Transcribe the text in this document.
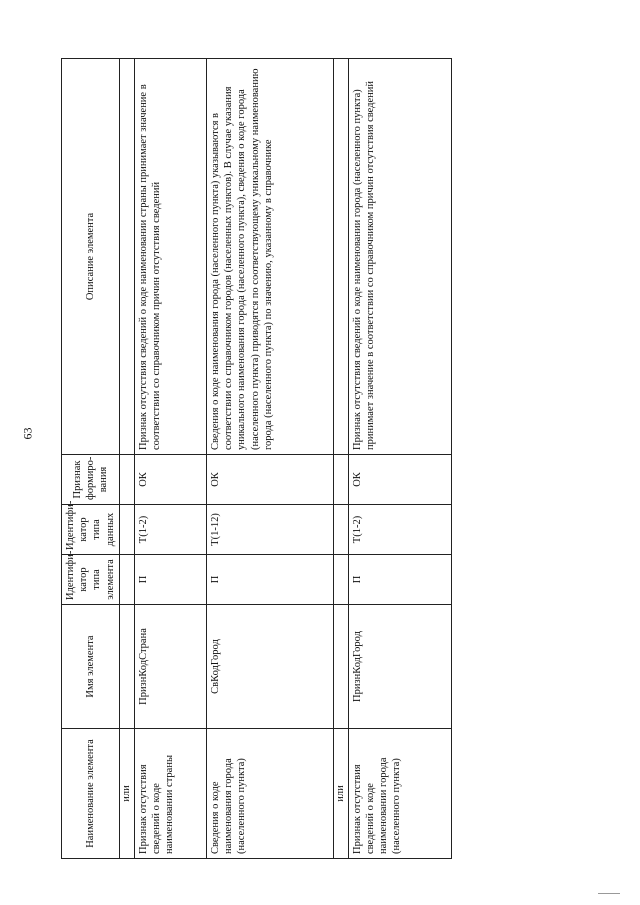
63
Наименование элемента	Имя элемента	Идентифи-катор типа элемента	Идентифи-катор типа данных	Признак формиро-вания	Описание элемента
или					
Признак отсутствия сведений о коде наименовании страны	ПризнКодСтрана	П	T(1-2)	ОК	Признак отсутствия сведений о коде наименовании страны принимает значение в соответствии со справочником причин отсутствия сведений
Сведения о коде наименования города (населенного пункта)	СвКодГород	П	T(1-12)	ОК	Сведения о коде наименования города (населенного пункта) указываются в соответствии со справочником городов (населенных пунктов). В случае указания уникального наименования города (населенного пункта), сведения о коде города (населенного пункта) приводятся по соответствующему уникальному наименованию города (населенного пункта) по значению, указанному в справочнике
или					
Признак отсутствия сведений о коде наименовании города (населенного пункта)	ПризнКодГород	П	T(1-2)	ОК	Признак отсутствия сведений о коде наименовании города (населенного пункта) принимает значение в соответствии со справочником причин отсутствия сведений
